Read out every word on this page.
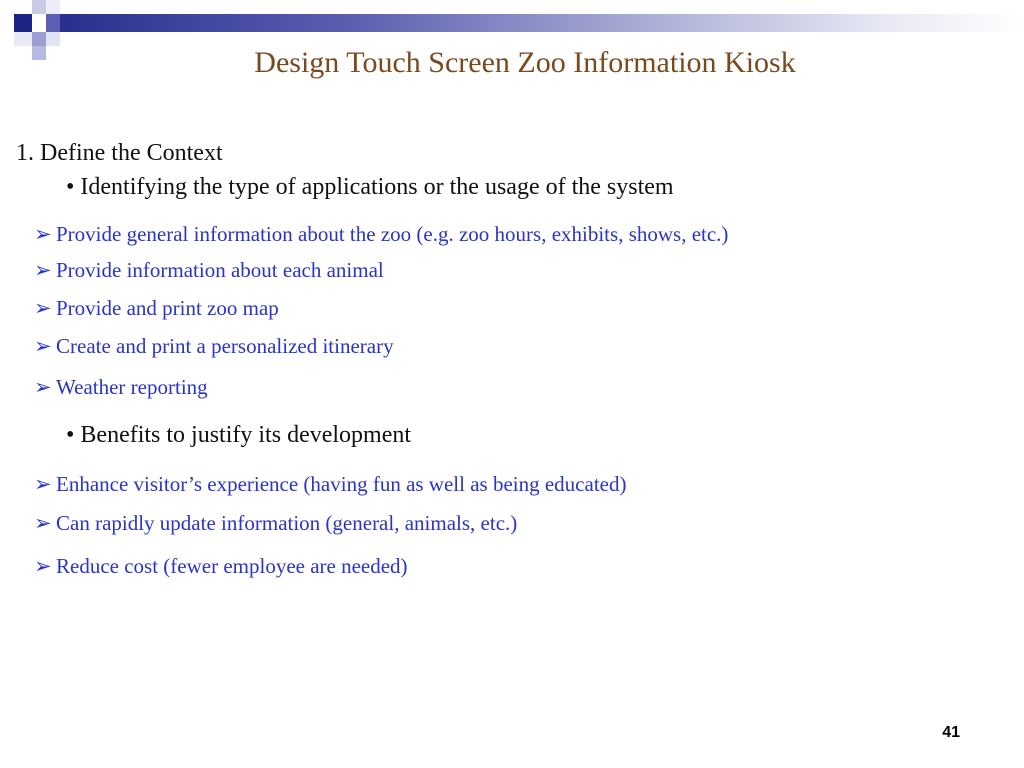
Design Touch Screen Zoo Information Kiosk

1. Define the Context

• Identifying the type of applications or the usage of the system

➢ Provide general information about the zoo (e.g. zoo hours, exhibits, shows, etc.)
➢ Provide information about each animal
➢ Provide and print zoo map
➢ Create and print a personalized itinerary
➢ Weather reporting

• Benefits to justify its development

➢ Enhance visitor’s experience (having fun as well as being educated)
➢ Can rapidly update information (general, animals, etc.)
➢ Reduce cost (fewer employee are needed)
41
